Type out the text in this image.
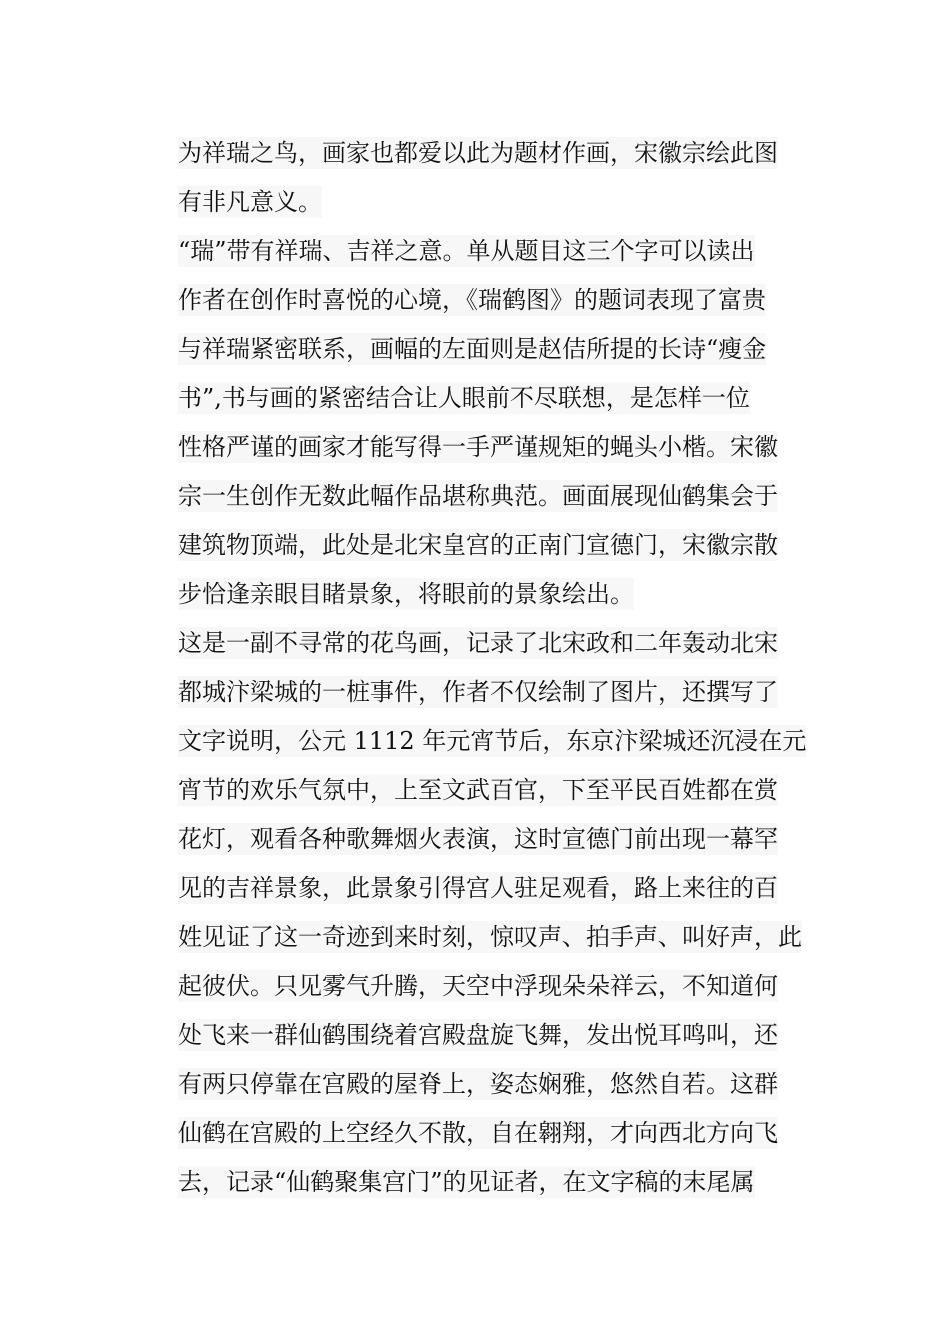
为祥瑞之鸟，画家也都爱以此为题材作画，宋徽宗绘此图
有非凡意义。
“瑞”带有祥瑞、吉祥之意。单从题目这三个字可以读出
作者在创作时喜悦的心境，《瑞鹤图》的题词表现了富贵
与祥瑞紧密联系，画幅的左面则是赵佶所提的长诗“瘦金
书”,书与画的紧密结合让人眼前不尽联想，是怎样一位
性格严谨的画家才能写得一手严谨规矩的蝇头小楷。宋徽
宗一生创作无数此幅作品堪称典范。画面展现仙鹤集会于
建筑物顶端，此处是北宋皇宫的正南门宣德门，宋徽宗散
步恰逢亲眼目睹景象，将眼前的景象绘出。
这是一副不寻常的花鸟画，记录了北宋政和二年轰动北宋
都城汴梁城的一桩事件，作者不仅绘制了图片，还撰写了
文字说明，公元 1112 年元宵节后，东京汴梁城还沉浸在元
宵节的欢乐气氛中，上至文武百官，下至平民百姓都在赏
花灯，观看各种歌舞烟火表演，这时宣德门前出现一幕罕
见的吉祥景象，此景象引得宫人驻足观看，路上来往的百
姓见证了这一奇迹到来时刻，惊叹声、拍手声、叫好声，此
起彼伏。只见雾气升腾，天空中浮现朵朵祥云，不知道何
处飞来一群仙鹤围绕着宫殿盘旋飞舞，发出悦耳鸣叫，还
有两只停靠在宫殿的屋脊上，姿态娴雅，悠然自若。这群
仙鹤在宫殿的上空经久不散，自在翱翔，才向西北方向飞
去，记录“仙鹤聚集宫门”的见证者，在文字稿的末尾属
